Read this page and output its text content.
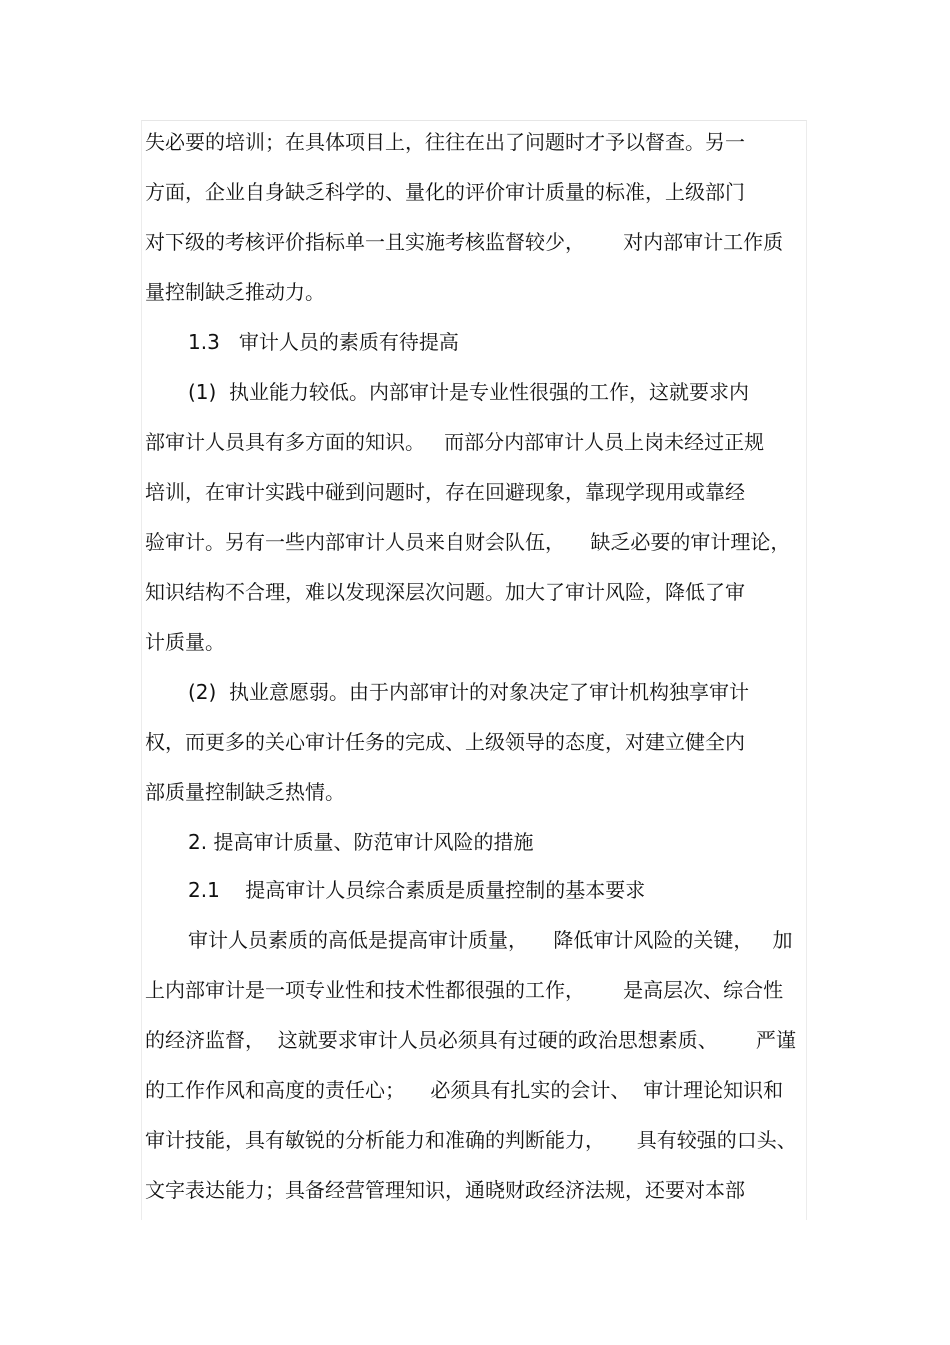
失必要的培训；在具体项目上，往往在出了问题时才予以督查。另一
方面，企业自身缺乏科学的、量化的评价审计质量的标准，上级部门
对下级的考核评价指标单一且实施考核监督较少，      对内部审计工作质
量控制缺乏推动力。
1.3   审计人员的素质有待提高
(1)  执业能力较低。内部审计是专业性很强的工作，这就要求内
部审计人员具有多方面的知识。   而部分内部审计人员上岗未经过正规
培训，在审计实践中碰到问题时，存在回避现象，靠现学现用或靠经
验审计。另有一些内部审计人员来自财会队伍，    缺乏必要的审计理论，
知识结构不合理，难以发现深层次问题。加大了审计风险，降低了审
计质量。
(2)  执业意愿弱。由于内部审计的对象决定了审计机构独享审计
权，而更多的关心审计任务的完成、上级领导的态度，对建立健全内
部质量控制缺乏热情。
2. 提高审计质量、防范审计风险的措施
2.1    提高审计人员综合素质是质量控制的基本要求
审计人员素质的高低是提高审计质量，    降低审计风险的关键，   加
上内部审计是一项专业性和技术性都很强的工作，      是高层次、综合性
的经济监督，  这就要求审计人员必须具有过硬的政治思想素质、      严谨
的工作作风和高度的责任心；    必须具有扎实的会计、  审计理论知识和
审计技能，具有敏锐的分析能力和准确的判断能力，     具有较强的口头、
文字表达能力；具备经营管理知识，通晓财政经济法规，还要对本部
